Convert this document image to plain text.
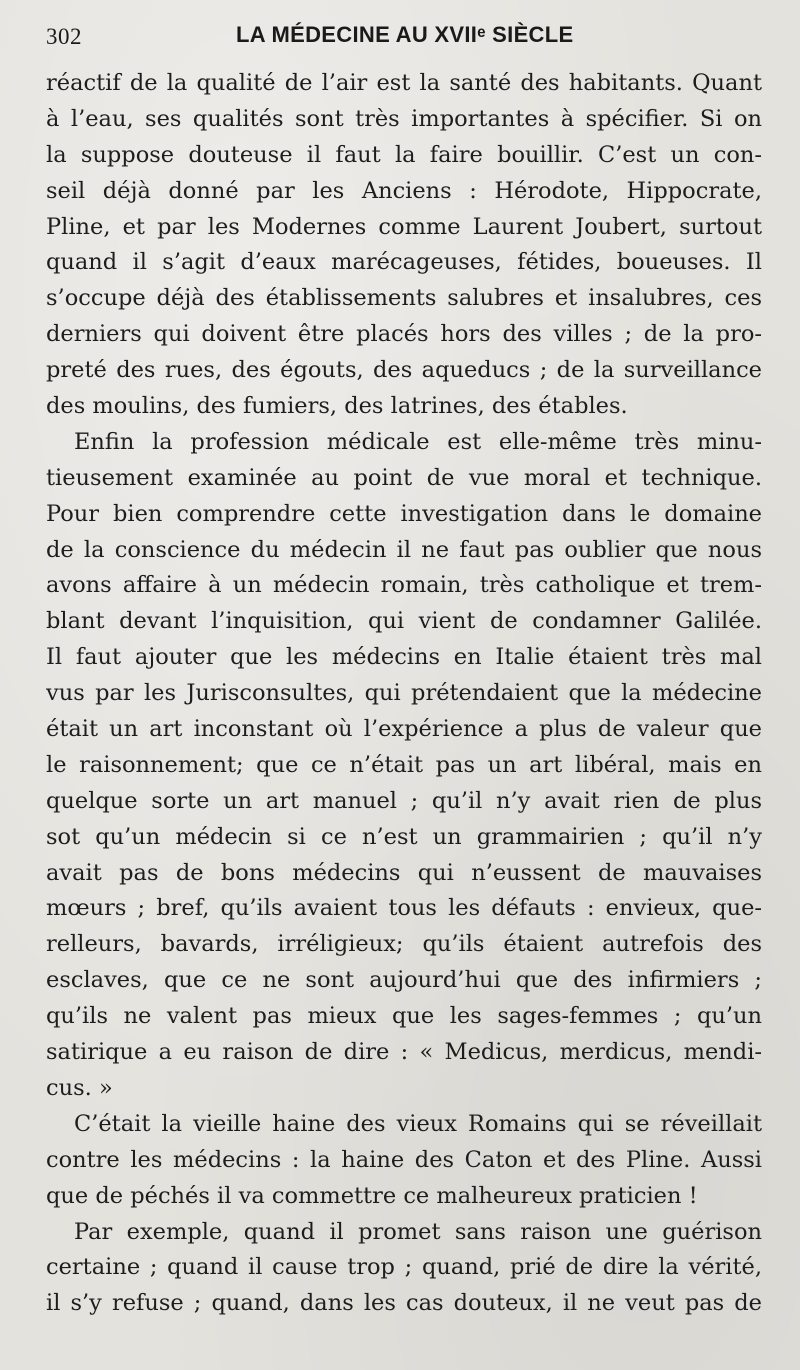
302	LA MÉDECINE AU XVIIᵉ SIÈCLE
réactif de la qualité de l’air est la santé des habitants. Quant
à l’eau, ses qualités sont très importantes à spécifier. Si on
la suppose douteuse il faut la faire bouillir. C’est un con-
seil déjà donné par les Anciens : Hérodote, Hippocrate,
Pline, et par les Modernes comme Laurent Joubert, surtout
quand il s’agit d’eaux marécageuses, fétides, boueuses. Il
s’occupe déjà des établissements salubres et insalubres, ces
derniers qui doivent être placés hors des villes ; de la pro-
preté des rues, des égouts, des aqueducs ; de la surveillance
des moulins, des fumiers, des latrines, des étables.
Enfin la profession médicale est elle-même très minu-
tieusement examinée au point de vue moral et technique.
Pour bien comprendre cette investigation dans le domaine
de la conscience du médecin il ne faut pas oublier que nous
avons affaire à un médecin romain, très catholique et trem-
blant devant l’inquisition, qui vient de condamner Galilée.
Il faut ajouter que les médecins en Italie étaient très mal
vus par les Jurisconsultes, qui prétendaient que la médecine
était un art inconstant où l’expérience a plus de valeur que
le raisonnement; que ce n’était pas un art libéral, mais en
quelque sorte un art manuel ; qu’il n’y avait rien de plus
sot qu’un médecin si ce n’est un grammairien ; qu’il n’y
avait pas de bons médecins qui n’eussent de mauvaises
mœurs ; bref, qu’ils avaient tous les défauts : envieux, que-
relleurs, bavards, irréligieux; qu’ils étaient autrefois des
esclaves, que ce ne sont aujourd’hui que des infirmiers ;
qu’ils ne valent pas mieux que les sages-femmes ; qu’un
satirique a eu raison de dire : « Medicus, merdicus, mendi-
cus. »
C’était la vieille haine des vieux Romains qui se réveillait
contre les médecins : la haine des Caton et des Pline. Aussi
que de péchés il va commettre ce malheureux praticien !
Par exemple, quand il promet sans raison une guérison
certaine ; quand il cause trop ; quand, prié de dire la vérité,
il s’y refuse ; quand, dans les cas douteux, il ne veut pas de
